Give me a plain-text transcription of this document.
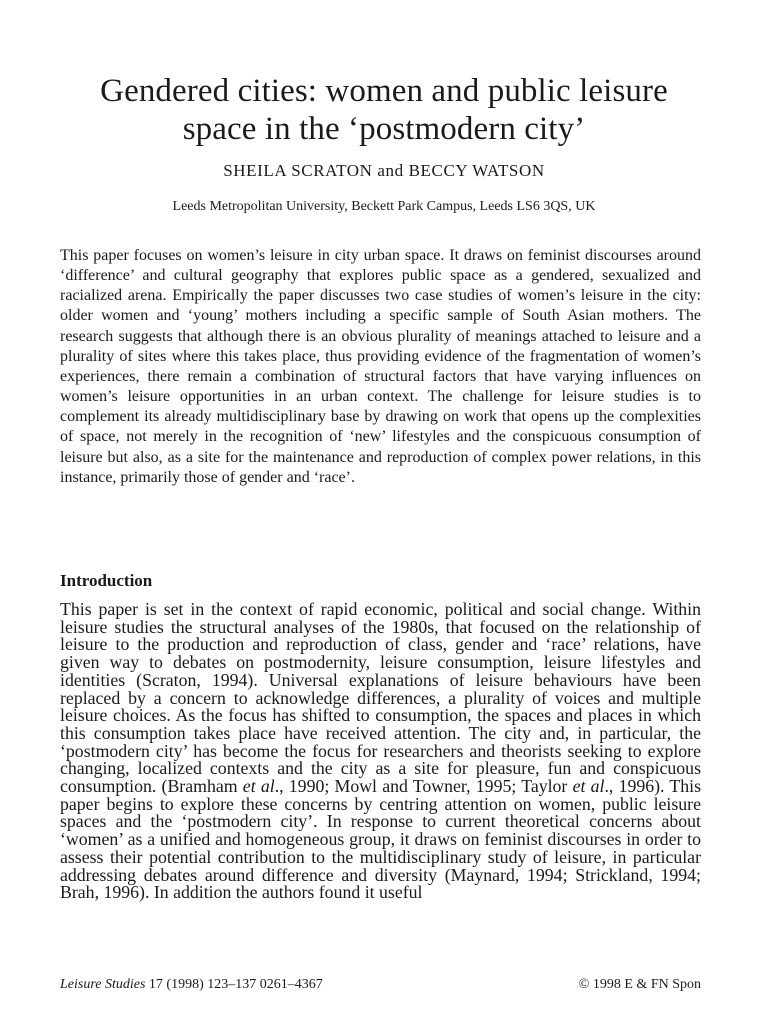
Gendered cities: women and public leisure
space in the ‘postmodern city’
SHEILA SCRATON and BECCY WATSON
Leeds Metropolitan University, Beckett Park Campus, Leeds LS6 3QS, UK

This paper focuses on women’s leisure in city urban space. It draws on feminist discourses around ‘difference’ and cultural geography that explores public space as a gendered, sexualized and racialized arena. Empirically the paper discusses two case studies of women’s leisure in the city: older women and ‘young’ mothers including a specific sample of South Asian mothers. The research suggests that although there is an obvious plurality of meanings attached to leisure and a plurality of sites where this takes place, thus providing evidence of the fragmentation of women’s experiences, there remain a combination of structural factors that have varying influences on women’s leisure opportunities in an urban context. The challenge for leisure studies is to complement its already multidisciplinary base by drawing on work that opens up the complexities of space, not merely in the recognition of ‘new’ lifestyles and the conspicuous consumption of leisure but also, as a site for the maintenance and reproduction of complex power relations, in this instance, primarily those of gender and ‘race’.

Introduction

This paper is set in the context of rapid economic, political and social change. Within leisure studies the structural analyses of the 1980s, that focused on the relationship of leisure to the production and reproduction of class, gender and ‘race’ relations, have given way to debates on postmodernity, leisure consumption, leisure lifestyles and identities (Scraton, 1994). Universal explanations of leisure behaviours have been replaced by a concern to acknowledge differences, a plurality of voices and multiple leisure choices. As the focus has shifted to consumption, the spaces and places in which this consumption takes place have received attention. The city and, in particular, the ‘postmodern city’ has become the focus for researchers and theorists seeking to explore changing, localized contexts and the city as a site for pleasure, fun and conspicuous consumption. (Bramham et al., 1990; Mowl and Towner, 1995; Taylor et al., 1996). This paper begins to explore these concerns by centring attention on women, public leisure spaces and the ‘postmodern city’. In response to current theoretical concerns about ‘women’ as a unified and homogeneous group, it draws on feminist discourses in order to assess their potential contribution to the multidisciplinary study of leisure, in particular addressing debates around difference and diversity (Maynard, 1994; Strickland, 1994; Brah, 1996). In addition the authors found it useful

Leisure Studies 17 (1998) 123–137 0261–4367	© 1998 E & FN Spon
